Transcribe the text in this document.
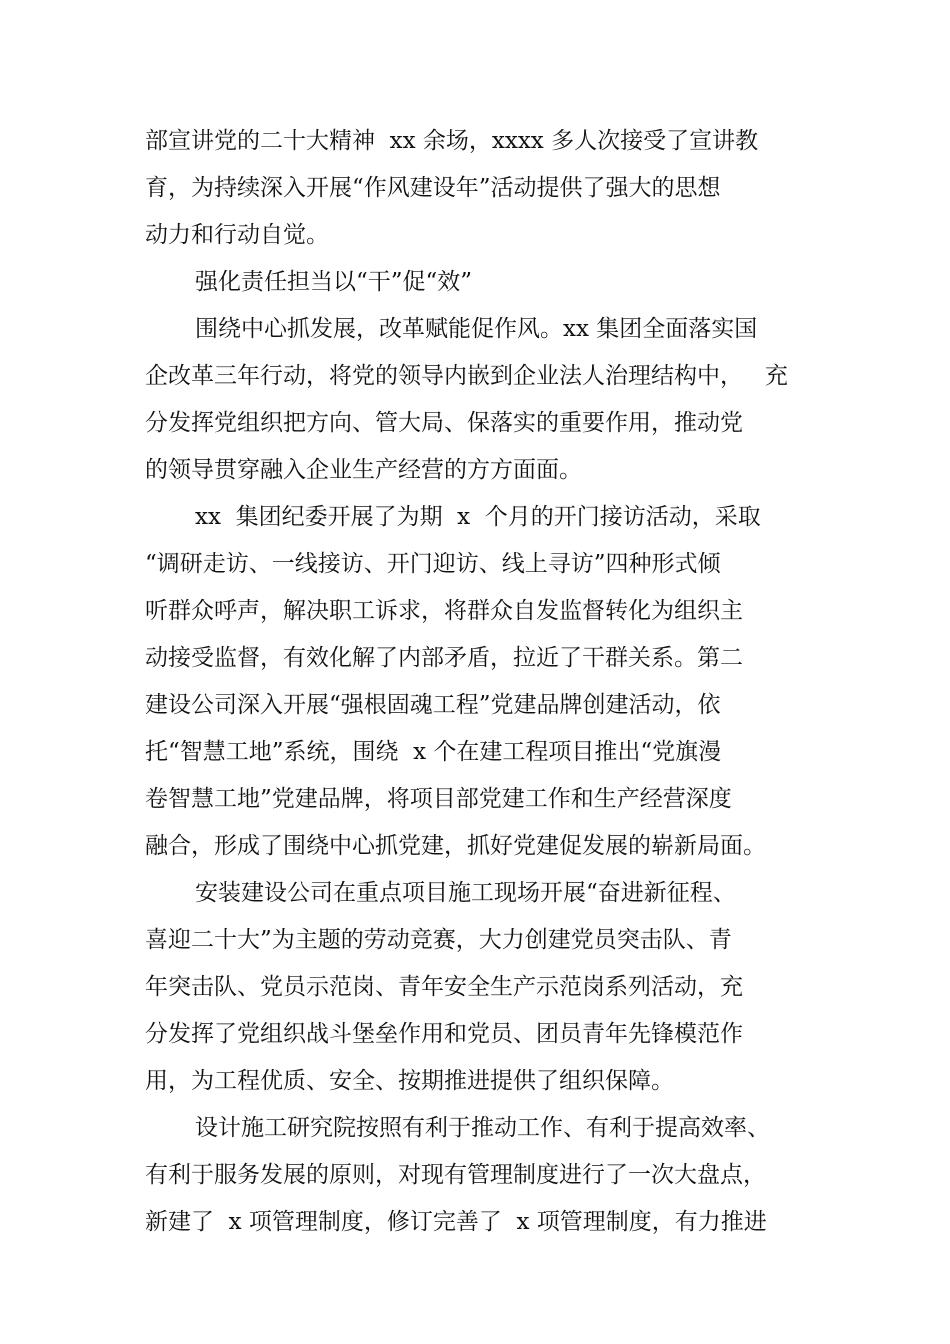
部宣讲党的二十大精神  xx 余场，xxxx 多人次接受了宣讲教
育，为持续深入开展“作风建设年”活动提供了强大的思想
动力和行动自觉。
强化责任担当以“干”促“效”
围绕中心抓发展，改革赋能促作风。xx 集团全面落实国
企改革三年行动，将党的领导内嵌到企业法人治理结构中，   充
分发挥党组织把方向、管大局、保落实的重要作用，推动党
的领导贯穿融入企业生产经营的方方面面。
xx  集团纪委开展了为期  x  个月的开门接访活动，采取
“调研走访、一线接访、开门迎访、线上寻访”四种形式倾
听群众呼声，解决职工诉求，将群众自发监督转化为组织主
动接受监督，有效化解了内部矛盾，拉近了干群关系。第二
建设公司深入开展“强根固魂工程”党建品牌创建活动，依
托“智慧工地”系统，围绕  x 个在建工程项目推出“党旗漫
卷智慧工地”党建品牌，将项目部党建工作和生产经营深度
融合，形成了围绕中心抓党建，抓好党建促发展的崭新局面。
安装建设公司在重点项目施工现场开展“奋进新征程、
喜迎二十大”为主题的劳动竞赛，大力创建党员突击队、青
年突击队、党员示范岗、青年安全生产示范岗系列活动，充
分发挥了党组织战斗堡垒作用和党员、团员青年先锋模范作
用，为工程优质、安全、按期推进提供了组织保障。
设计施工研究院按照有利于推动工作、有利于提高效率、
有利于服务发展的原则，对现有管理制度进行了一次大盘点，
新建了  x 项管理制度，修订完善了  x 项管理制度，有力推进
